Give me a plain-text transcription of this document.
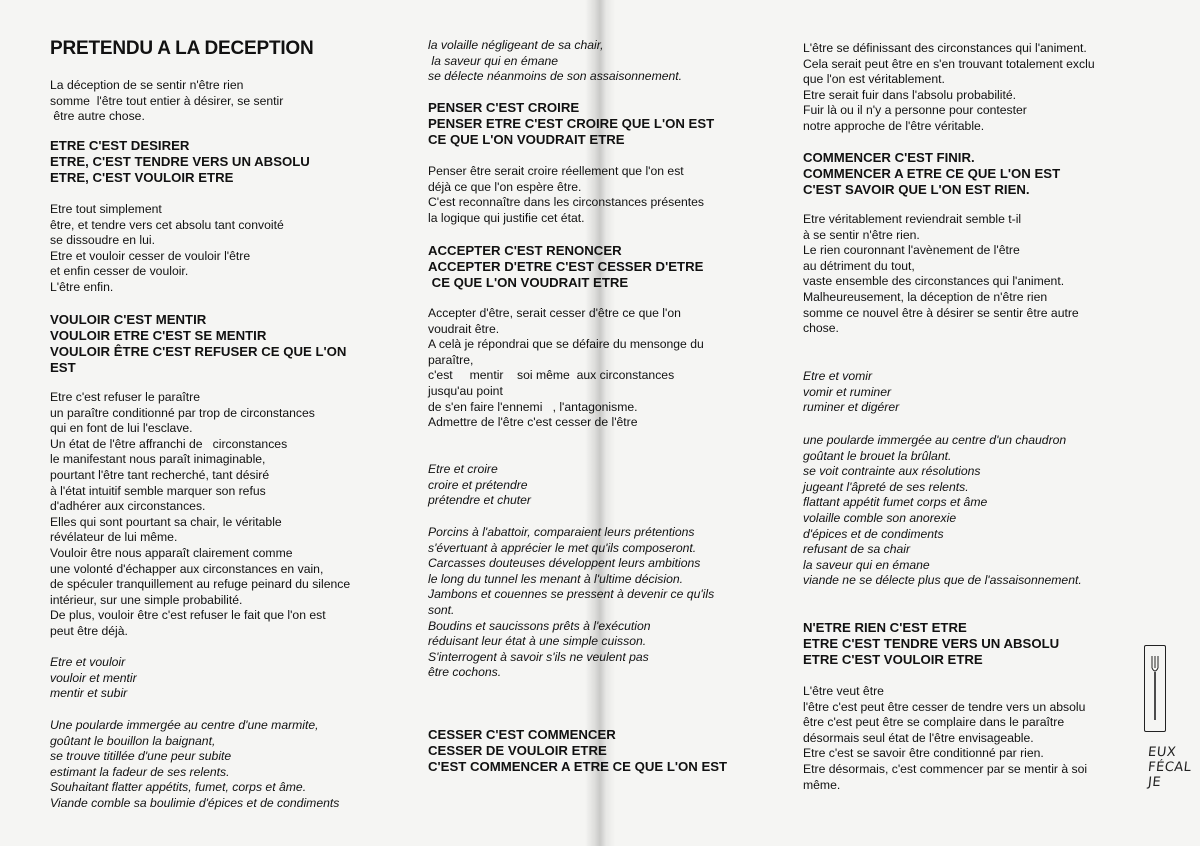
PRETENDU A LA DECEPTION

La déception de se sentir n'être rien

somme  l'être tout entier à désirer, se sentir

être autre chose.

ETRE C'EST DESIRER

ETRE, C'EST TENDRE VERS UN ABSOLU

ETRE, C'EST VOULOIR ETRE

Etre tout simplement

être, et tendre vers cet absolu tant convoité

se dissoudre en lui.

Etre et vouloir cesser de vouloir l'être

et enfin cesser de vouloir.

L'être enfin.

VOULOIR C'EST MENTIR

VOULOIR ETRE C'EST SE MENTIR

VOULOIR ÊTRE C'EST REFUSER CE QUE L'ON

EST

Etre c'est refuser le paraître

un paraître conditionné par trop de circonstances

qui en font de lui l'esclave.

Un état de l'être affranchi de   circonstances

le manifestant nous paraît inimaginable,

pourtant l'être tant recherché, tant désiré

à l'état intuitif semble marquer son refus

d'adhérer aux circonstances.

Elles qui sont pourtant sa chair, le véritable

révélateur de lui même.

Vouloir être nous apparaît clairement comme

une volonté d'échapper aux circonstances en vain,

de spéculer tranquillement au refuge peinard du silence

intérieur, sur une simple probabilité.

De plus, vouloir être c'est refuser le fait que l'on est

peut être déjà.

Etre et vouloir

vouloir et mentir

mentir et subir

Une poularde immergée au centre d'une marmite,

goûtant le bouillon la baignant,

se trouve titillée d'une peur subite

estimant la fadeur de ses relents.

Souhaitant flatter appétits, fumet, corps et âme.

Viande comble sa boulimie d'épices et de condiments

la volaille négligeant de sa chair,

la saveur qui en émane

se délecte néanmoins de son assaisonnement.

PENSER C'EST CROIRE

PENSER ETRE C'EST CROIRE QUE L'ON EST

CE QUE L'ON VOUDRAIT ETRE

Penser être serait croire réellement que l'on est

déjà ce que l'on espère être.

C'est reconnaître dans les circonstances présentes

la logique qui justifie cet état.

ACCEPTER C'EST RENONCER

ACCEPTER D'ETRE C'EST CESSER D'ETRE

CE QUE L'ON VOUDRAIT ETRE

Accepter d'être, serait cesser d'être ce que l'on

voudrait être.

A celà je répondrai que se défaire du mensonge du

paraître,

c'est     mentir    soi même  aux circonstances

jusqu'au point

de s'en faire l'ennemi   , l'antagonisme.

Admettre de l'être c'est cesser de l'être

Etre et croire

croire et prétendre

prétendre et chuter

Porcins à l'abattoir, comparaient leurs prétentions

s'évertuant à apprécier le met qu'ils composeront.

Carcasses douteuses développent leurs ambitions

le long du tunnel les menant à l'ultime décision.

Jambons et couennes se pressent à devenir ce qu'ils

sont.

Boudins et saucissons prêts à l'exécution

réduisant leur état à une simple cuisson.

S'interrogent à savoir s'ils ne veulent pas

être cochons.

CESSER C'EST COMMENCER

CESSER DE VOULOIR ETRE

C'EST COMMENCER A ETRE CE QUE L'ON EST

L'être se définissant des circonstances qui l'animent.

Cela serait peut être en s'en trouvant totalement exclu

que l'on est véritablement.

Etre serait fuir dans l'absolu probabilité.

Fuir là ou il n'y a personne pour contester

notre approche de l'être véritable.

COMMENCER C'EST FINIR.

COMMENCER A ETRE CE QUE L'ON EST

C'EST SAVOIR QUE L'ON EST RIEN.

Etre véritablement reviendrait semble t-il

à se sentir n'être rien.

Le rien couronnant l'avènement de l'être

au détriment du tout,

vaste ensemble des circonstances qui l'animent.

Malheureusement, la déception de n'être rien

somme ce nouvel être à désirer se sentir être autre

chose.

Etre et vomir

vomir et ruminer

ruminer et digérer

une poularde immergée au centre d'un chaudron

goûtant le brouet la brûlant.

se voit contrainte aux résolutions

jugeant l'âpreté de ses relents.

flattant appétit fumet corps et âme

volaille comble son anorexie

d'épices et de condiments

refusant de sa chair

la saveur qui en émane

viande ne se délecte plus que de l'assaisonnement.

N'ETRE RIEN C'EST ETRE

ETRE C'EST TENDRE VERS UN ABSOLU

ETRE C'EST VOULOIR ETRE

L'être veut être

l'être c'est peut être cesser de tendre vers un absolu

être c'est peut être se complaire dans le paraître

désormais seul état de l'être envisageable.

Etre c'est se savoir être conditionné par rien.

Etre désormais, c'est commencer par se mentir à soi

même.

EUX
FÉCAL
JE
